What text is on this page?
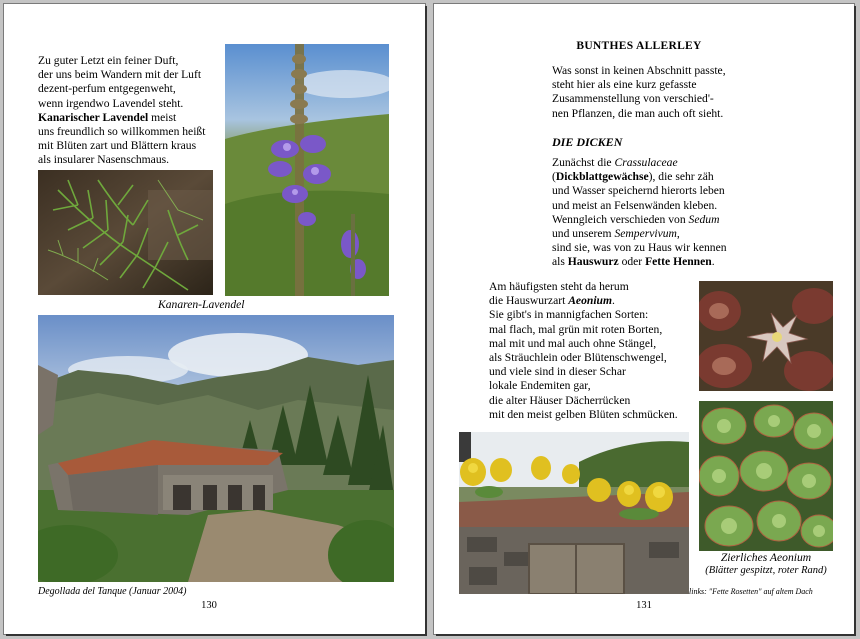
Zu guter Letzt ein feiner Duft,
der uns beim Wandern mit der Luft
dezent-perfum entgegenweht,
wenn irgendwo Lavendel steht.
Kanarischer Lavendel meist
uns freundlich so willkommen heißt
mit Blüten zart und Blättern kraus
als insularer Nasenschmaus.
Kanaren-Lavendel
Degollada del Tanque (Januar 2004)
130
BUNTHES ALLERLEY
Was sonst in keinen Abschnitt passte,
steht hier als eine kurz gefasste
Zusammenstellung von verschied'-
nen Pflanzen, die man auch oft sieht.
DIE DICKEN
Zunächst die Crassulaceae
(Dickblattgewächse), die sehr zäh
und Wasser speichernd hierorts leben
und meist an Felsenwänden kleben.
Wenngleich verschieden von Sedum
und unserem Sempervivum,
sind sie, was von zu Haus wir kennen
als Hauswurz oder Fette Hennen.
Am häufigsten steht da herum
die Hauswurzart Aeonium.
Sie gibt's in mannigfachen Sorten:
mal flach, mal grün mit roten Borten,
mal mit und mal auch ohne Stängel,
als Sträuchlein oder Blütenschwengel,
und viele sind in dieser Schar
lokale Endemiten gar,
die alter Häuser Dächerrücken
mit den meist gelben Blüten schmücken.
Zierliches Aeonium
(Blätter gespitzt, roter Rand)
links: "Fette Rosetten" auf altem Dach
131
